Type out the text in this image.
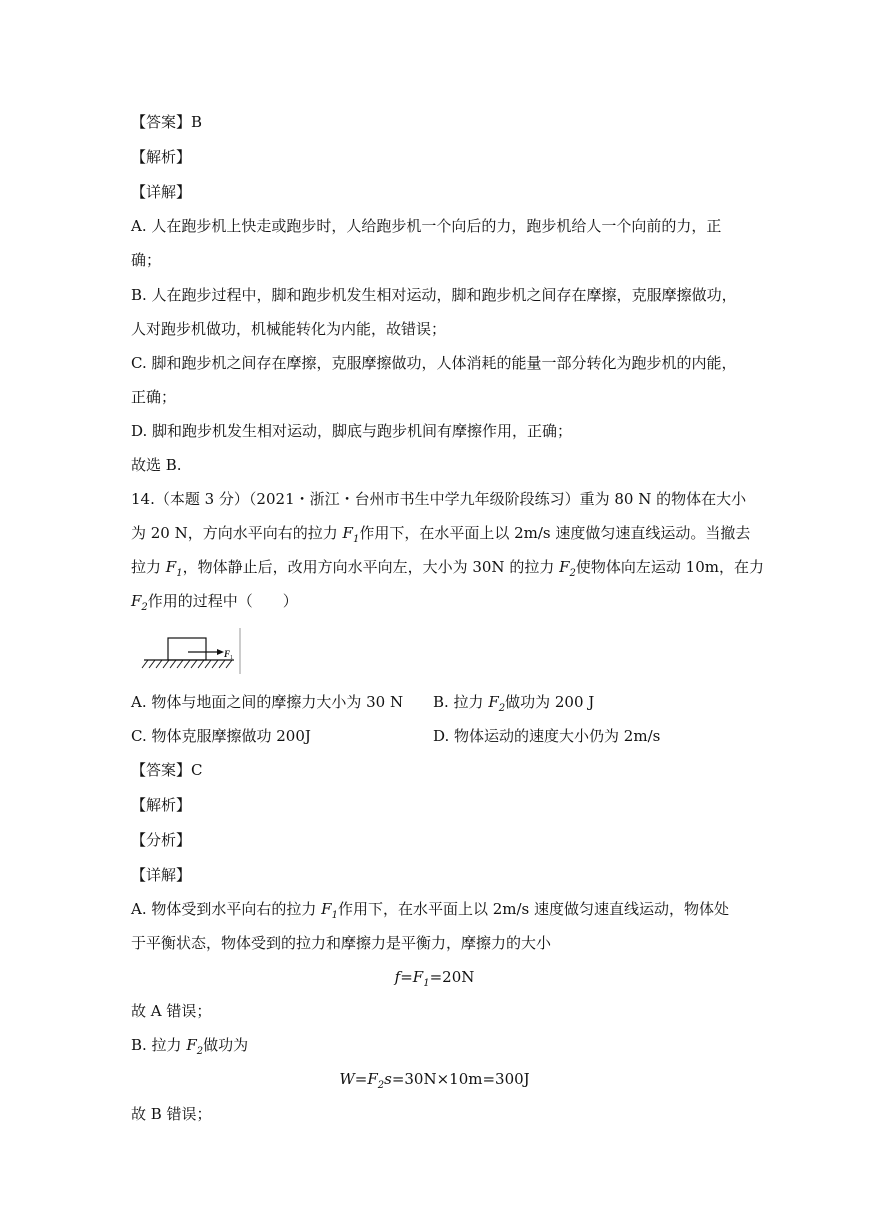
【答案】B
【解析】
【详解】
A. 人在跑步机上快走或跑步时，人给跑步机一个向后的力，跑步机给人一个向前的力，正
确；
B. 人在跑步过程中，脚和跑步机发生相对运动，脚和跑步机之间存在摩擦，克服摩擦做功，
人对跑步机做功，机械能转化为内能，故错误；
C. 脚和跑步机之间存在摩擦，克服摩擦做功，人体消耗的能量一部分转化为跑步机的内能，
正确；
D. 脚和跑步机发生相对运动，脚底与跑步机间有摩擦作用，正确；
故选 B.
14.（本题 3 分）（2021・浙江・台州市书生中学九年级阶段练习）重为 80 N 的物体在大小
为 20 N，方向水平向右的拉力 $F_1$作用下，在水平面上以 2m/s 速度做匀速直线运动。当撤去
拉力 $F_1$，物体静止后，改用方向水平向左，大小为 30N 的拉力 $F_2$使物体向左运动 10m，在力
$F_2$作用的过程中（　　）
F 1
A. 物体与地面之间的摩擦力大小为 30 N B. 拉力 $F_2$做功为 200 J
C. 物体克服摩擦做功 200J	D. 物体运动的速度大小仍为 2m/s
【答案】C
【解析】
【分析】
【详解】
A. 物体受到水平向右的拉力 $F_1$作用下，在水平面上以 2m/s 速度做匀速直线运动，物体处
于平衡状态，物体受到的拉力和摩擦力是平衡力，摩擦力的大小
$f=F_1=20N$
故 A 错误；
B. 拉力 $F_2$做功为
$W=F_2s=30N\times 10m=300J$
故 B 错误；
